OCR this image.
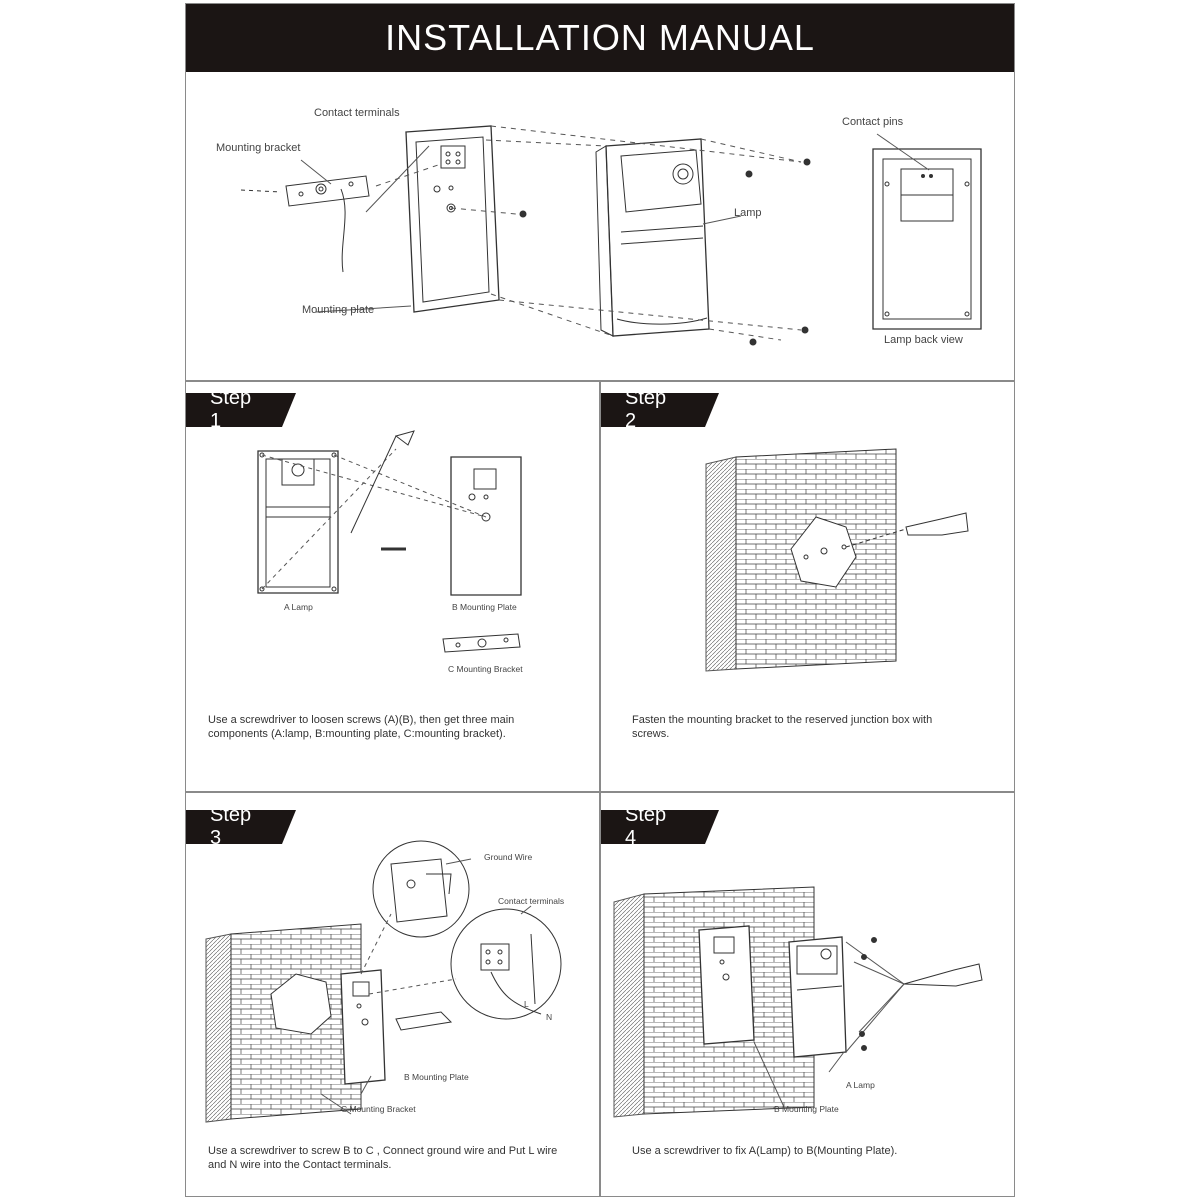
INSTALLATION MANUAL
Contact terminals
Mounting bracket
Mounting plate
Lamp
Contact pins
Lamp back view
Step 1
A Lamp	B Mounting Plate
C Mounting Bracket
Use a screwdriver to loosen screws (A)(B), then get three main components (A:lamp, B:mounting plate, C:mounting bracket).
Step 2
Fasten the mounting bracket to the reserved junction box with screws.
Step 3
Ground Wire
Contact terminals
L
N
B Mounting Plate
C Mounting Bracket
Use a screwdriver to screw B to C , Connect ground wire and Put L wire and N wire into the Contact terminals.
Step 4
A Lamp
B Mounting Plate
Use a screwdriver to fix A(Lamp) to B(Mounting Plate).
